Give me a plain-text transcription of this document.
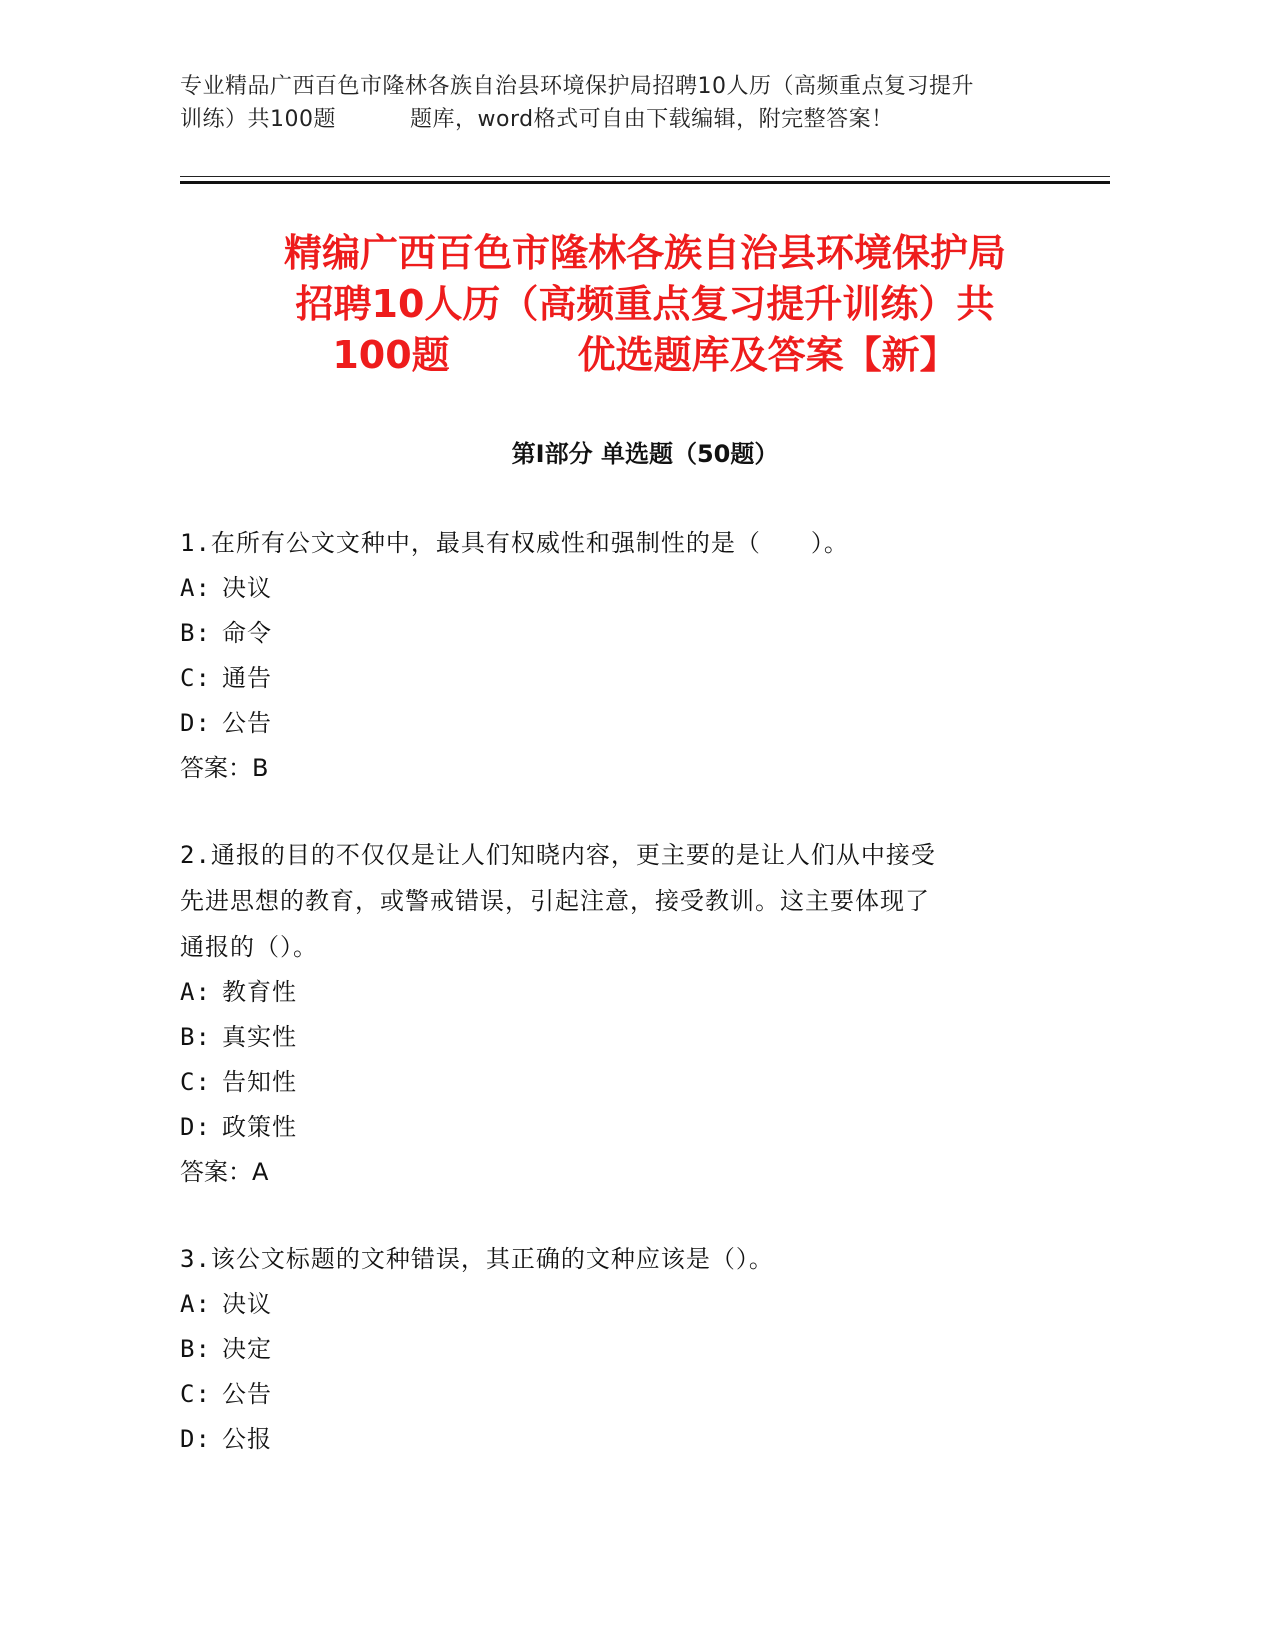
专业精品广西百色市隆林各族自治县环境保护局招聘10人历（高频重点复习提升
训练）共100题	题库，word格式可自由下载编辑，附完整答案！
精编广西百色市隆林各族自治县环境保护局
招聘10人历（高频重点复习提升训练）共
100题	优选题库及答案【新】
第Ⅰ部分 单选题（50题）

1.在所有公文文种中，最具有权威性和强制性的是（　　）。

A: 决议

B: 命令

C: 通告

D: 公告

答案：B

2.通报的目的不仅仅是让人们知晓内容，更主要的是让人们从中接受

先进思想的教育，或警戒错误，引起注意，接受教训。这主要体现了

通报的（）。

A: 教育性

B: 真实性

C: 告知性

D: 政策性

答案：A

3.该公文标题的文种错误，其正确的文种应该是（）。

A: 决议

B: 决定

C: 公告

D: 公报
